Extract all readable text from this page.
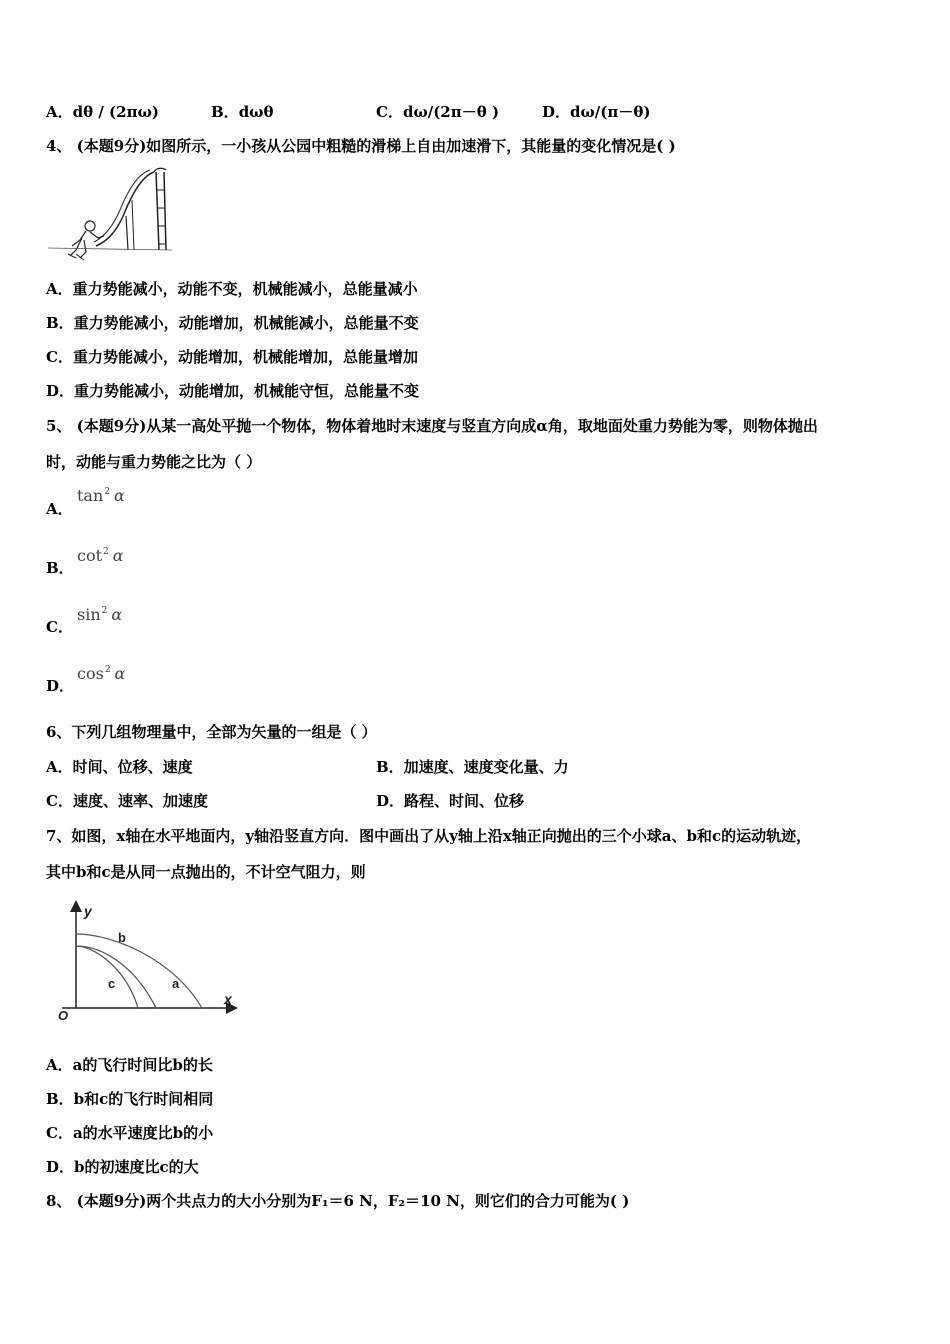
A．dθ / (2πω)	B．dωθ	C．dω/(2π－θ )	D．dω/(π－θ)
4、 (本题9分)如图所示，一小孩从公园中粗糙的滑梯上自由加速滑下，其能量的变化情况是( )
A．重力势能减小，动能不变，机械能减小，总能量减小
B．重力势能减小，动能增加，机械能减小，总能量不变
C．重力势能减小，动能增加，机械能增加，总能量增加
D．重力势能减小，动能增加，机械能守恒，总能量不变
5、 (本题9分)从某一高处平抛一个物体，物体着地时末速度与竖直方向成α角，取地面处重力势能为零，则物体抛出
时，动能与重力势能之比为（ ）
A．
$\tan^2 \alpha$
B．
$\cot^2 \alpha$
C．
$\sin^2 \alpha$
D．
$\cos^2 \alpha$
6、下列几组物理量中，全部为矢量的一组是（ ）
A．时间、位移、速度	B．加速度、速度变化量、力
C．速度、速率、加速度	D．路程、时间、位移
7、如图，x轴在水平地面内，y轴沿竖直方向．图中画出了从y轴上沿x轴正向抛出的三个小球a、b和c的运动轨迹，
其中b和c是从同一点抛出的，不计空气阻力，则
y
x
O
b
c	a
A．a的飞行时间比b的长
B．b和c的飞行时间相同
C．a的水平速度比b的小
D．b的初速度比c的大
8、 (本题9分)两个共点力的大小分别为F₁＝6 N，F₂＝10 N，则它们的合力可能为( )
